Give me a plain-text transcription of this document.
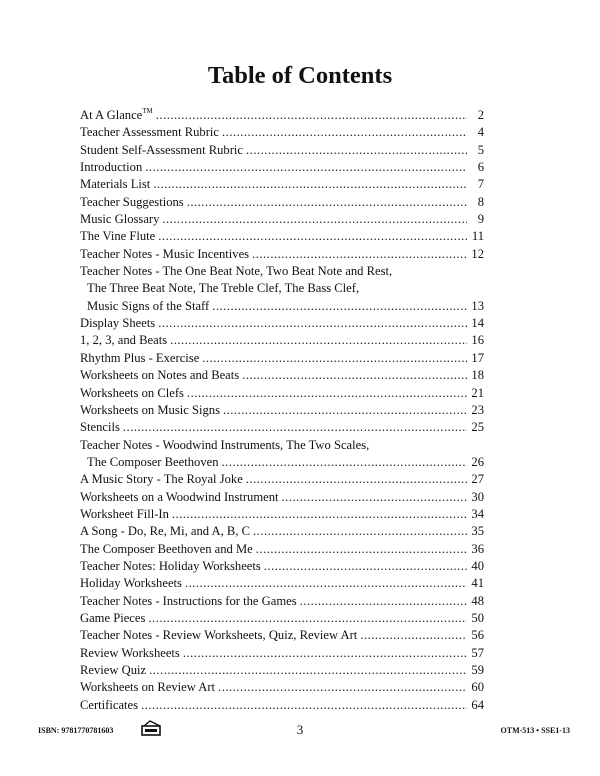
Table of Contents
At A Glance™ .....	2
Teacher Assessment Rubric .....	4
Student Self-Assessment Rubric .....	5
Introduction .....	6
Materials List .....	7
Teacher Suggestions .....	8
Music Glossary .....	9
The Vine Flute .....	11
Teacher Notes - Music Incentives .....	12
Teacher Notes - The One Beat Note, Two Beat Note and Rest,
The Three Beat Note, The Treble Clef, The Bass Clef,
Music Signs of the Staff .....	13
Display Sheets .....	14
1, 2, 3, and Beats .....	16
Rhythm Plus - Exercise .....	17
Worksheets on Notes and Beats .....	18
Worksheets on Clefs .....	21
Worksheets on Music Signs .....	23
Stencils .....	25
Teacher Notes - Woodwind Instruments, The Two Scales,
The Composer Beethoven .....	26
A Music Story - The Royal Joke .....	27
Worksheets on a Woodwind Instrument .....	30
Worksheet Fill-In .....	34
A Song - Do, Re, Mi, and A, B, C .....	35
The Composer Beethoven and Me .....	36
Teacher Notes: Holiday Worksheets .....	40
Holiday Worksheets .....	41
Teacher Notes - Instructions for the Games .....	48
Game Pieces .....	50
Teacher Notes - Review Worksheets, Quiz, Review Art .....	56
Review Worksheets .....	57
Review Quiz .....	59
Worksheets on Review Art .....	60
Certificates .....	64
ISBN: 9781770781603	3	OTM-513 • SSE1-13
